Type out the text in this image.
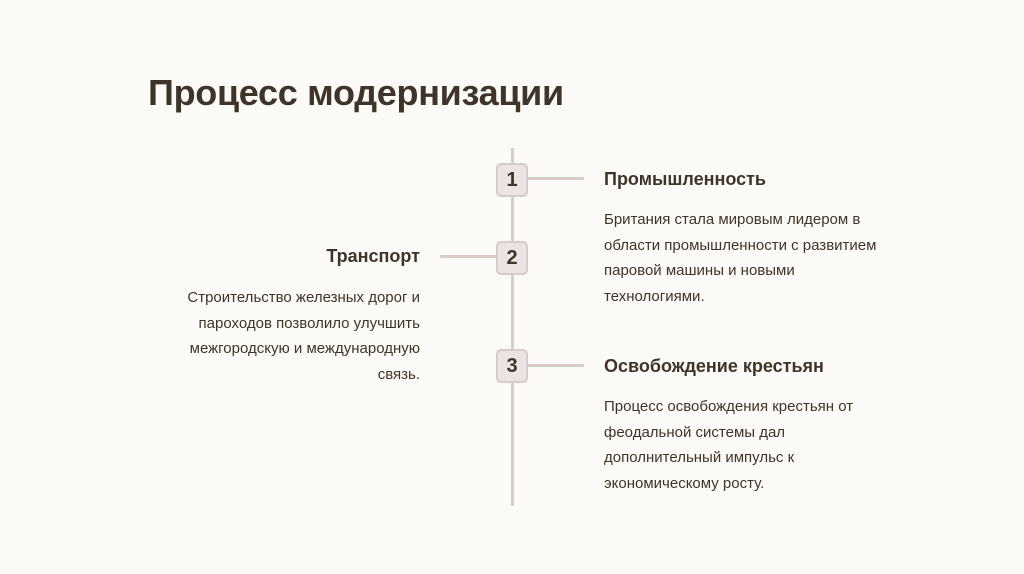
Процесс модернизации
1	Промышленность

Британия стала мировым лидером в области промышленности с развитием паровой машины и новыми технологиями.

2
Транспорт

Строительство железных дорог и пароходов позволило улучшить межгородскую и международную связь.	3	Освобождение крестьян

Процесс освобождения крестьян от феодальной системы дал дополнительный импульс к экономическому росту.
